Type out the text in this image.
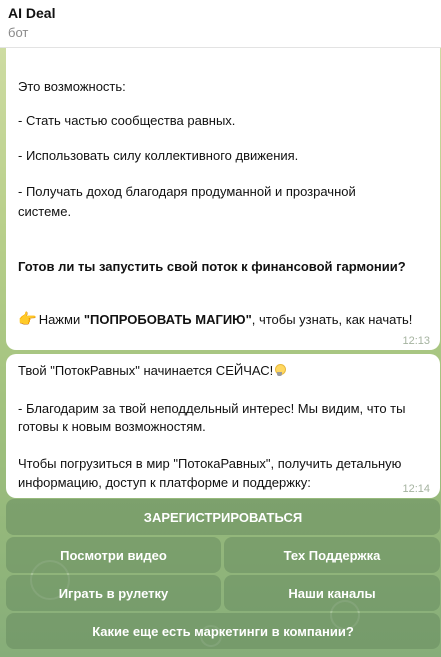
AI Deal
бот
Это возможность:
- Стать частью сообщества равных.
- Использовать силу коллективного движения.
- Получать доход благодаря продуманной и прозрачной
системе.
Готов ли ты запустить свой поток к финансовой гармонии?
👉 Нажми "ПОПРОБОВАТЬ МАГИЮ", чтобы узнать, как начать!
12:13
Твой "ПотокРавных" начинается СЕЙЧАС!
- Благодарим за твой неподдельный интерес! Мы видим, что ты
готовы к новым возможностям.
Чтобы погрузиться в мир "ПотокаРавных", получить детальную
информацию, доступ к платформе и поддержку:	12:14
ЗАРЕГИСТРИРОВАТЬСЯ
Посмотри видео	Тех Поддержка
Играть в рулетку	Наши каналы
Какие еще есть маркетинги в компании?
